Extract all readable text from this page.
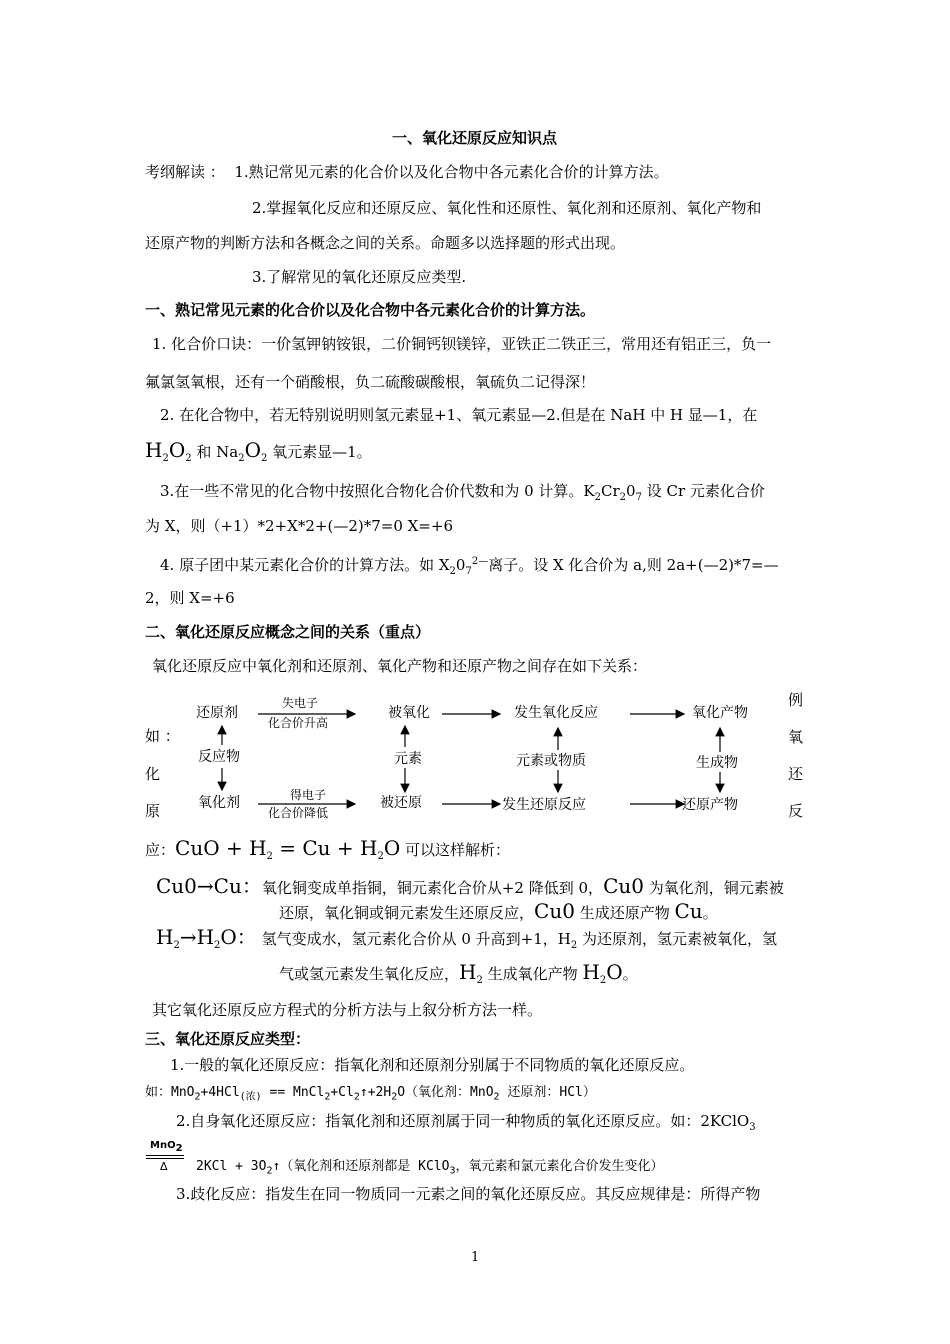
一、氧化还原反应知识点
考纲解读 ： 1.熟记常见元素的化合价以及化合物中各元素化合价的计算方法。
2.掌握氧化反应和还原反应、氧化性和还原性、氧化剂和还原剂、氧化产物和
还原产物的判断方法和各概念之间的关系。命题多以选择题的形式出现。
3.了解常见的氧化还原反应类型.
一、熟记常见元素的化合价以及化合物中各元素化合价的计算方法。
1. 化合价口诀：一价氢钾钠铵银，二价铜钙钡镁锌，亚铁正二铁正三，常用还有铝正三，负一
氟氯氢氧根，还有一个硝酸根，负二硫酸碳酸根，氧硫负二记得深！
2. 在化合物中，若无特别说明则氢元素显+1、氧元素显—2.但是在 NaH 中 H 显—1，在
$H_2O_2$ 和 $Na_2O_2$ 氧元素显—1。
3.在一些不常见的化合物中按照化合物化合价代数和为 0 计算。$K_2Cr_20_7$ 设 Cr 元素化合价
为 X，则（+1）*2+X*2+(—2)*7=0 X=+6
4. 原子团中某元素化合价的计算方法。如 $X_20_7^{2—}$离子。设 X 化合价为 a,则 2a+(—2)*7=—
2，则 X=+6
二、氧化还原反应概念之间的关系（重点）
氧化还原反应中氧化剂和还原剂、氧化产物和还原产物之间存在如下关系：
如 ：
化
原
例
氧
还
反
还原剂
反应物
氧化剂
失电子
化合价升高
得电子
化合价降低
被氧化
元素
被还原
发生氧化反应
元素或物质
发生还原反应
氧化产物
生成物
还原产物
应：CuO + $H_2 = Cu + H_2O$ 可以这样解析：
Cu0→Cu：氧化铜变成单指铜，铜元素化合价从+2 降低到 0，Cu0 为氧化剂，铜元素被
还原，氧化铜或铜元素发生还原反应，Cu0 生成还原产物 Cu。
$H_2\to H_2O$： 氢气变成水，氢元素化合价从 0 升高到+1，$H_2$ 为还原剂，氢元素被氧化，氢
气或氢元素发生氧化反应，$H_2$ 生成氧化产物 $H_2O$。
其它氧化还原反应方程式的分析方法与上叙分析方法一样。
三、氧化还原反应类型：
1.一般的氧化还原反应：指氧化剂和还原剂分别属于不同物质的氧化还原反应。
如：$MnO_2+4HCl_{(浓)} == MnCl_2+Cl_2↑+2H_2O$（氧化剂：MnO$_2$ 还原剂：HCl）
2.自身氧化还原反应：指氧化剂和还原剂属于同一种物质的氧化还原反应。如：2KClO$_3$
MnO$_2$
Δ $2KCl + 3O_2↑$（氧化剂和还原剂都是 KClO$_3$，氧元素和氯元素化合价发生变化）
3.歧化反应：指发生在同一物质同一元素之间的氧化还原反应。其反应规律是：所得产物
1
